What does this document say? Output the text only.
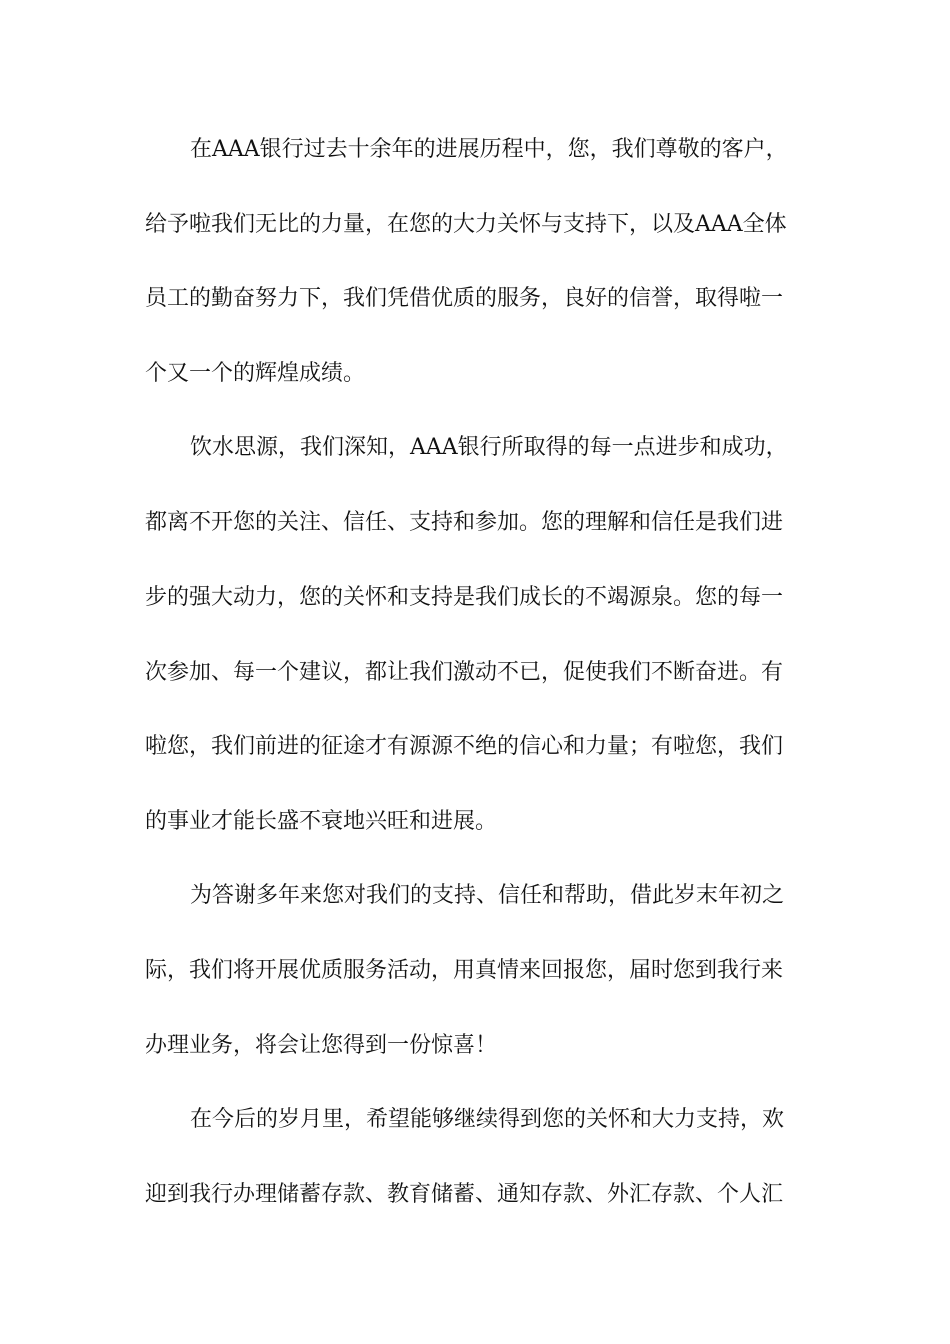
在AAA银行过去十余年的进展历程中，您，我们尊敬的客户，
给予啦我们无比的力量，在您的大力关怀与支持下，以及AAA全体
员工的勤奋努力下，我们凭借优质的服务，良好的信誉，取得啦一
个又一个的辉煌成绩。
饮水思源，我们深知，AAA银行所取得的每一点进步和成功，
都离不开您的关注、信任、支持和参加。您的理解和信任是我们进
步的强大动力，您的关怀和支持是我们成长的不竭源泉。您的每一
次参加、每一个建议，都让我们激动不已，促使我们不断奋进。有
啦您，我们前进的征途才有源源不绝的信心和力量；有啦您，我们
的事业才能长盛不衰地兴旺和进展。
为答谢多年来您对我们的支持、信任和帮助，借此岁末年初之
际，我们将开展优质服务活动，用真情来回报您，届时您到我行来
办理业务，将会让您得到一份惊喜！
在今后的岁月里，希望能够继续得到您的关怀和大力支持，欢
迎到我行办理储蓄存款、教育储蓄、通知存款、外汇存款、个人汇
